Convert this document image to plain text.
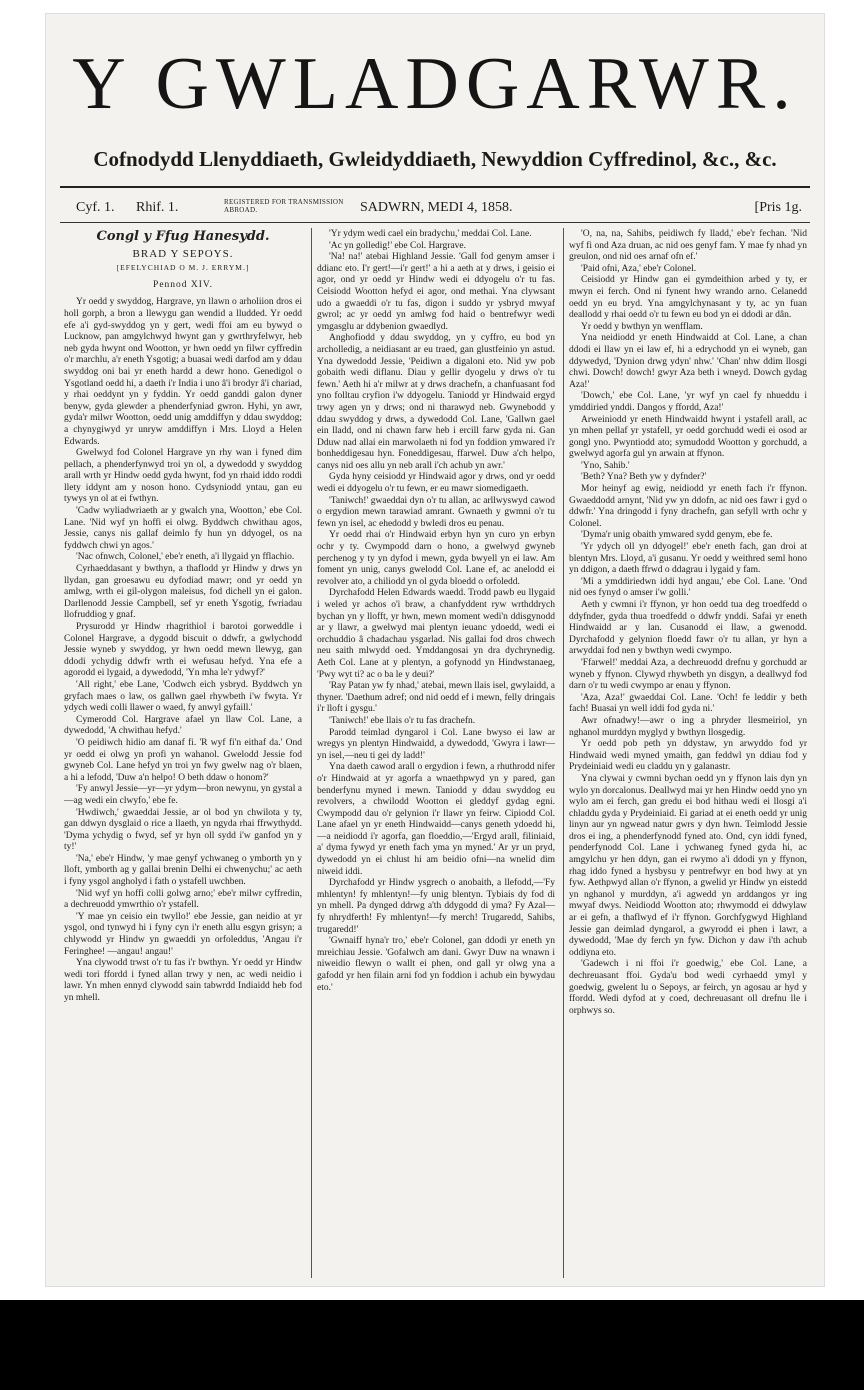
Y GWLADGARWR.
Cofnodydd Llenyddiaeth, Gwleidyddiaeth, Newyddion Cyffredinol, &c., &c.
Cyf. 1. Rhif. 1.	REGISTERED FOR TRANSMISSION ABROAD.	SADWRN, MEDI 4, 1858.	[Pris 1g.
Congl y Ffug Hanesydd.
BRAD Y SEPOYS.
[EFELYCHIAD O M. J. ERRYM.]
Pennod XIV.

Yr oedd y swyddog, Hargrave, yn llawn o arholiion dros ei holl gorph, a bron a llewygu gan wendid a lludded. Yr oedd efe a'i gyd-swyddog yn y gert, wedi ffoi am eu bywyd o Lucknow, pan amgylchwyd hwynt gan y gwrthryfelwyr, heb neb gyda hwynt ond Wootton, yr hwn oedd yn filwr cyffredin o'r marchlu, a'r eneth Ysgotig; a buasai wedi darfod am y ddau swyddog oni bai yr eneth hardd a dewr hono. Genedigol o Ysgotland oedd hi, a daeth i'r India i uno â'i brodyr â'i chariad, y rhai oeddynt yn y fyddin. Yr oedd ganddi galon dyner benyw, gyda glewder a phenderfyniad gwron. Hyhi, yn awr, gyda'r milwr Wootton, oedd unig amddiffyn y ddau swyddog; a chynygiwyd yr unryw amddiffyn i Mrs. Lloyd a Helen Edwards.

Gwelwyd fod Colonel Hargrave yn rhy wan i fyned dim pellach, a phenderfynwyd troi yn ol, a dywedodd y swyddog arall wrth yr Hindw oedd gyda hwynt, fod yn rhaid iddo roddi llety iddynt am y noson hono. Cydsyniodd yntau, gan eu tywys yn ol at ei fwthyn.

'Cadw wyliadwriaeth ar y gwalch yna, Wootton,' ebe Col. Lane. 'Nid wyf yn hoffi ei olwg. Byddwch chwithau agos, Jessie, canys nis gallaf deimlo fy hun yn ddyogel, os na fyddwch chwi yn agos.'

'Nac ofnwch, Colonel,' ebe'r eneth, a'i llygaid yn fflachio.

Cyrhaeddasant y bwthyn, a thaflodd yr Hindw y drws yn llydan, gan groesawu eu dyfodiad mawr; ond yr oedd yn amlwg, wrth ei gil-olygon maleisus, fod dichell yn ei galon. Darllenodd Jessie Campbell, sef yr eneth Ysgotig, fwriadau llofruddiog y gnaf.

Prysurodd yr Hindw rhagrithiol i barotoi gorweddle i Colonel Hargrave, a dygodd biscuit o ddwfr, a gwlychodd Jessie wyneb y swyddog, yr hwn oedd mewn llewyg, gan ddodi ychydig ddwfr wrth ei wefusau hefyd. Yna efe a agorodd ei lygaid, a dywedodd, 'Yn mha le'r ydwyf?'

'All right,' ebe Lane, 'Codwch eich ysbryd. Byddwch yn gryfach maes o law, os gallwn gael rhywbeth i'w fwyta. Yr ydych wedi colli llawer o waed, fy anwyl gyfaill.'

Cymerodd Col. Hargrave afael yn llaw Col. Lane, a dywedodd, 'A chwithau hefyd.'

'O peidiwch hidio am danaf fi. 'R wyf fi'n eithaf da.' Ond yr oedd ei olwg yn profi yn wahanol. Gwelodd Jessie fod gwyneb Col. Lane hefyd yn troi yn fwy gwelw nag o'r blaen, a hi a lefodd, 'Duw a'n helpo! O beth ddaw o honom?'

'Fy anwyl Jessie—yr—yr ydym—bron newynu, yn gystal a—ag wedi ein clwyfo,' ebe fe.

'Hwdiwch,' gwaeddai Jessie, ar ol bod yn chwilota y ty, gan ddwyn dysglaid o rice a llaeth, yn ngyda rhai ffrwythydd. 'Dyma ychydig o fwyd, sef yr hyn oll sydd i'w ganfod yn y ty!'

'Na,' ebe'r Hindw, 'y mae genyf ychwaneg o ymborth yn y lloft, ymborth ag y gallai brenin Delhi ei chwenychu;' ac aeth i fyny ysgol angholyd i fath o ystafell uwchben.

'Nid wyf yn hoffi colli golwg arno;' ebe'r milwr cyffredin, a dechreuodd ymwrthio o'r ystafell.

'Y mae yn ceisio ein twyllo!' ebe Jessie, gan neidio at yr ysgol, ond tynwyd hi i fyny cyn i'r eneth allu esgyn grisyn; a chlywodd yr Hindw yn gwaeddi yn orfoleddus, 'Angau i'r Feringhee! —angau! angau!'

Yna clywodd trwst o'r tu fas i'r bwthyn. Yr oedd yr Hindw wedi tori ffordd i fyned allan trwy y nen, ac wedi neidio i lawr. Yn mhen ennyd clywodd sain tabwrdd Indiaidd heb fod yn mhell.

'Yr ydym wedi cael ein bradychu,' meddai Col. Lane.

'Ac yn golledig!' ebe Col. Hargrave.

'Na! na!' atebai Highland Jessie. 'Gall fod genym amser i ddianc eto. I'r gert!—i'r gert!' a hi a aeth at y drws, i geisio ei agor, ond yr oedd yr Hindw wedi ei ddyogelu o'r tu fas. Ceisiodd Wootton hefyd ei agor, ond methai. Yna clywsant udo a gwaeddi o'r tu fas, digon i suddo yr ysbryd mwyaf gwrol; ac yr oedd yn amlwg fod haid o bentrefwyr wedi ymgasglu ar ddybenion gwaedlyd.

Anghofiodd y ddau swyddog, yn y cyffro, eu bod yn archolledig, a neidiasant ar eu traed, gan glustfeinio yn astud. Yna dywedodd Jessie, 'Peidiwn a digaloni eto. Nid yw pob gobaith wedi diflanu. Diau y gellir dyogelu y drws o'r tu fewn.' Aeth hi a'r milwr at y drws drachefn, a chanfuasant fod yno folltau cryfion i'w ddyogelu. Taniodd yr Hindwaid ergyd trwy agen yn y drws; ond ni tharawyd neb. Gwynebodd y ddau swyddog y drws, a dywedodd Col. Lane, 'Gallwn gael ein lladd, ond ni chawn farw heb i ercill farw gyda ni. Gan Dduw nad allai ein marwolaeth ni fod yn foddion ymwared i'r bonheddigesau hyn. Foneddigesau, ffarwel. Duw a'ch helpo, canys nid oes allu yn neb arall i'ch achub yn awr.'

Gyda hyny ceisiodd yr Hindwaid agor y drws, ond yr oedd wedi ei ddyogelu o'r tu fewn, er eu mawr siomedigaeth.

'Taniwch!' gwaeddai dyn o'r tu allan, ac arllwyswyd cawod o ergydion mewn tarawiad amrant. Gwnaeth y gwmni o'r tu fewn yn isel, ac ehedodd y bwledi dros eu penau.

Yr oedd rhai o'r Hindwaid erbyn hyn yn curo yn erbyn ochr y ty. Cwympodd darn o hono, a gwelwyd gwyneb perchenog y ty yn dyfod i mewn, gyda bwyell yn ei law. Am foment yn unig, canys gwelodd Col. Lane ef, ac anelodd ei revolver ato, a chiliodd yn ol gyda bloedd o orfoledd.

Dyrchafodd Helen Edwards waedd. Trodd pawb eu llygaid i weled yr achos o'i braw, a chanfyddent ryw wrthddrych bychan yn y llofft, yr hwn, mewn moment wedi'n ddisgynodd ar y llawr, a gwelwyd mai plentyn ieuanc ydoedd, wedi ei orchuddio â chadachau ysgarlad. Nis gallai fod dros chwech neu saith mlwydd oed. Ymddangosai yn dra dychrynedig. Aeth Col. Lane at y plentyn, a gofynodd yn Hindwstanaeg, 'Pwy wyt ti? ac o ba le y deui?'

'Ray Patan yw fy nhad,' atebai, mewn llais isel, gwylaidd, a thyner. 'Daethum adref; ond nid oedd ef i mewn, felly dringais i'r lloft i gysgu.'

'Taniwch!' ebe llais o'r tu fas drachefn.

Parodd teimlad dyngarol i Col. Lane bwyso ei law ar wregys yn plentyn Hindwaidd, a dywedodd, 'Gwyra i lawr—yn isel,—neu ti gei dy ladd!'

Yna daeth cawod arall o ergydion i fewn, a rhuthrodd nifer o'r Hindwaid at yr agorfa a wnaethpwyd yn y pared, gan benderfynu myned i mewn. Taniodd y ddau swyddog eu revolvers, a chwilodd Wootton ei gleddyf gydag egni. Cwympodd dau o'r gelynion i'r llawr yn feirw. Cipiodd Col. Lane afael yn yr eneth Hindwaidd—canys geneth ydoedd hi,—a neidiodd i'r agorfa, gan floeddio,—'Ergyd arall, filiniaid, a' dyma fywyd yr eneth fach yma yn myned.' Ar yr un pryd, dywedodd yn ei chlust hi am beidio ofni—na wnelid dim niweid iddi.

Dyrchafodd yr Hindw ysgrech o anobaith, a llefodd,—'Fy mhlentyn! fy mhlentyn!—fy unig blentyn. Tybiais dy fod di yn mhell. Pa dynged ddrwg a'th ddygodd di yma? Fy Azal—fy nhrydferth! Fy mhlentyn!—fy merch! Trugaredd, Sahibs, trugaredd!'

'Gwnaiff hyna'r tro,' ebe'r Colonel, gan ddodi yr eneth yn mreichiau Jessie. 'Gofalwch am dani. Gwyr Duw na wnawn i niweidio flewyn o wallt ei phen, ond gall yr olwg yna a gafodd yr hen filain arni fod yn foddion i achub ein bywydau eto.'

'O, na, na, Sahibs, peidiwch fy lladd,' ebe'r fechan. 'Nid wyf fi ond Aza druan, ac nid oes genyf fam. Y mae fy nhad yn greulon, ond nid oes arnaf ofn ef.'

'Paid ofni, Aza,' ebe'r Colonel.

Ceisiodd yr Hindw gan ei gymdeithion arbed y ty, er mwyn ei ferch. Ond ni fynent hwy wrando arno. Celanedd oedd yn eu bryd. Yna amgylchynasant y ty, ac yn fuan deallodd y rhai oedd o'r tu fewn eu bod yn ei ddodi ar dân.

Yr oedd y bwthyn yn wenfflam.

Yna neidiodd yr eneth Hindwaidd at Col. Lane, a chan ddodi ei llaw yn ei law ef, hi a edrychodd yn ei wyneb, gan ddywedyd, 'Dynion drwg ydyn' nhw.' 'Chan' nhw ddim llosgi chwi. Dowch! dowch! gwyr Aza beth i wneyd. Dowch gydag Aza!'

'Dowch,' ebe Col. Lane, 'yr wyf yn cael fy nhueddu i ymddiried ynddi. Dangos y ffordd, Aza!'

Arweiniodd yr eneth Hindwaidd hwynt i ystafell arall, ac yn mhen pellaf yr ystafell, yr oedd gorchudd wedi ei osod ar gongl yno. Pwyntiodd ato; symudodd Wootton y gorchudd, a gwelwyd agorfa gul yn arwain at ffynon.

'Yno, Sahib.'

'Beth? Yna? Beth yw y dyfnder?'

Mor heinyf ag ewig, neidiodd yr eneth fach i'r ffynon. Gwaeddodd arnynt, 'Nid yw yn ddofn, ac nid oes fawr i gyd o ddwfr.' Yna dringodd i fyny drachefn, gan sefyll wrth ochr y Colonel.

'Dyma'r unig obaith ymwared sydd genym, ebe fe.

'Yr ydych oll yn ddyogel!' ebe'r eneth fach, gan droi at blentyn Mrs. Lloyd, a'i gusanu. Yr oedd y weithred seml hono yn ddigon, a daeth ffrwd o ddagrau i lygaid y fam.

'Mi a ymddiriedwn iddi hyd angau,' ebe Col. Lane. 'Ond nid oes fynyd o amser i'w golli.'

Aeth y cwmni i'r ffynon, yr hon oedd tua deg troedfedd o ddyfnder, gyda thua troedfedd o ddwfr ynddi. Safai yr eneth Hindwaidd ar y lan. Cusanodd ei llaw, a gwenodd. Dyrchafodd y gelynion floedd fawr o'r tu allan, yr hyn a arwyddai fod nen y bwthyn wedi cwympo.

'Ffarwel!' meddai Aza, a dechreuodd drefnu y gorchudd ar wyneb y ffynon. Clywyd rhywbeth yn disgyn, a deallwyd fod darn o'r tu wedi cwympo ar enau y ffynon.

'Aza, Aza!' gwaeddai Col. Lane. 'Och! fe leddir y beth fach! Buasai yn well iddi fod gyda ni.'

Awr ofnadwy!—awr o ing a phryder llesmeiriol, yn nghanol murddyn myglyd y bwthyn llosgedig.

Yr oedd pob peth yn ddystaw, yn arwyddo fod yr Hindwaid wedi myned ymaith, gan feddwl yn ddiau fod y Prydeiniaid wedi eu claddu yn y galanastr.

Yna clywai y cwmni bychan oedd yn y ffynon lais dyn yn wylo yn dorcalonus. Deallwyd mai yr hen Hindw oedd yno yn wylo am ei ferch, gan gredu ei bod hithau wedi ei llosgi a'i chladdu gyda y Prydeiniaid. Ei gariad at ei eneth oedd yr unig linyn aur yn ngwead natur gwrs y dyn hwn. Teimlodd Jessie dros ei ing, a phenderfynodd fyned ato. Ond, cyn iddi fyned, penderfynodd Col. Lane i ychwaneg fyned gyda hi, ac amgylchu yr hen ddyn, gan ei rwymo a'i ddodi yn y ffynon, rhag iddo fyned a hysbysu y pentrefwyr en bod hwy at yn fyw. Aethpwyd allan o'r ffynon, a gwelid yr Hindw yn eistedd yn nghanol y murddyn, a'i agwedd yn arddangos yr ing mwyaf dwys. Neidiodd Wootton ato; rhwymodd ei ddwylaw ar ei gefn, a thaflwyd ef i'r ffynon. Gorchfygwyd Highland Jessie gan deimlad dyngarol, a gwyrodd ei phen i lawr, a dywedodd, 'Mae dy ferch yn fyw. Dichon y daw i'th achub oddiyna eto.

'Gadewch i ni ffoi i'r goedwig,' ebe Col. Lane, a dechreuasant ffoi. Gyda'u bod wedi cyrhaedd ymyl y goedwig, gwelent lu o Sepoys, ar feirch, yn agosau ar hyd y ffordd. Wedi dyfod at y coed, dechreuasant oll drefnu lle i orphwys so.
